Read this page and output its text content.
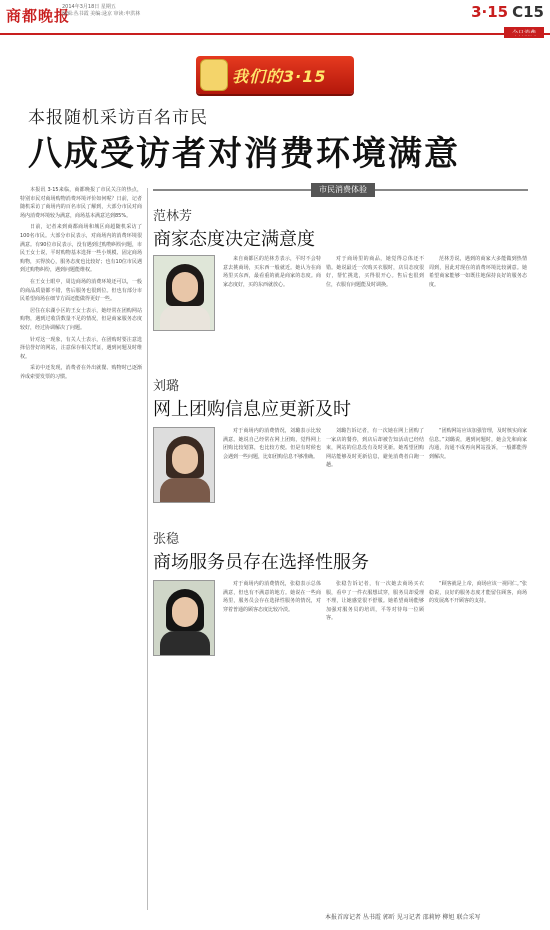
商都晚报
2014年3月18日 星期五
编辑:丛书霞 美编:逯京 审读:申洪林	3·15 C15
我们的3·15
本报随机采访百名市民
八成受访者对消费环境满意

本报讯 3·15来临，商都晚报了市民关注的热点，特别市民对商场购物消费环境评价如何呢？日前，记者随机采访了商场内的百名市民了解到，大部分市民对商场内消费环境较为满意，商场基本满意达到85%。

日前，记者来到商都商场和城区商超随机采访了100名市民。大部分市民表示，对商场内的消费环境很满意。有90位市民表示，没有遇到过购物纠纷问题，市民王女士说，平时购物基本选择一些小规模、固定商场购物，买得放心，服务态度也比较好；也有10位市民遇到过购物纠纷，遇到问题能维权。

在王女士眼中，周边商场的消费环境还可以，一般的商品质量都不错，售后服务也很到位。但也有部分市民希望商场在细节方面还能做得更好一些。

居住在东湖小区的王女士表示，她经常在团购网站购物，遇到过收货数量不足的情况，但是商家服务态度较好，经过协调解决了问题。

针对这一现象，有关人士表示，在团购时要注意选择信誉好的网站，注意保存相关凭证，遇到问题及时维权。

采访中还发现，消费者在外出就餐、购物时已逐渐养成索要发票的习惯。

市民消费体验
范林芳
商家态度决定满意度

来自商都区的范林芳表示，平时不会特意去挑商场，买东西一般就近。她认为在商场里买东西，最看重的就是商家的态度。商家态度好，买的东西就放心。

对于商场里的商品，她觉得总体还不错。她说最近一次购买衣服时，店员态度很好，帮忙挑选，买得很开心。售后也很到位，衣服有问题能及时调换。

范林芳说，遇到的商家大多能做到热情周到，因此对现在的消费环境比较满意。她希望商家能够一如既往地保持良好的服务态度。

刘璐
网上团购信息应更新及时

对于商场内的消费情况，刘璐表示比较满意。她说自己经常在网上团购，觉得网上团购比较划算，也比较方便。但是有时候也会遇到一些问题，比如团购信息不够准确。

刘璐告诉记者，有一次她在网上团购了一家店的餐券，到店后却被告知活动已经结束，网站的信息没有及时更新。她希望团购网站能够及时更新信息，避免消费者白跑一趟。

“团购网站应该加强管理，及时核实商家信息。”刘璐说，遇到问题时，她会先和商家沟通，沟通不成再向网站投诉，一般都能得到解决。

张稳
商场服务员存在选择性服务

对于商场内的消费情况，张稳表示总体满意，但也有不满意的地方。她说在一些商场里，服务员会存在选择性服务的情况，对穿着普通的顾客态度比较冷淡。

张稳告诉记者，有一次她去商场买衣服，看中了一件衣服想试穿，服务员却爱理不理，让她感觉很不舒服。她希望商场能够加强对服务员的培训，平等对待每一位顾客。

“顾客就是上帝，商场应该一视同仁。”张稳说，良好的服务态度才能留住顾客，商场的发展离不开顾客的支持。

本报首席记者 丛书霞 郭昕 见习记者 邵莉婷 柳旭 联合采写
